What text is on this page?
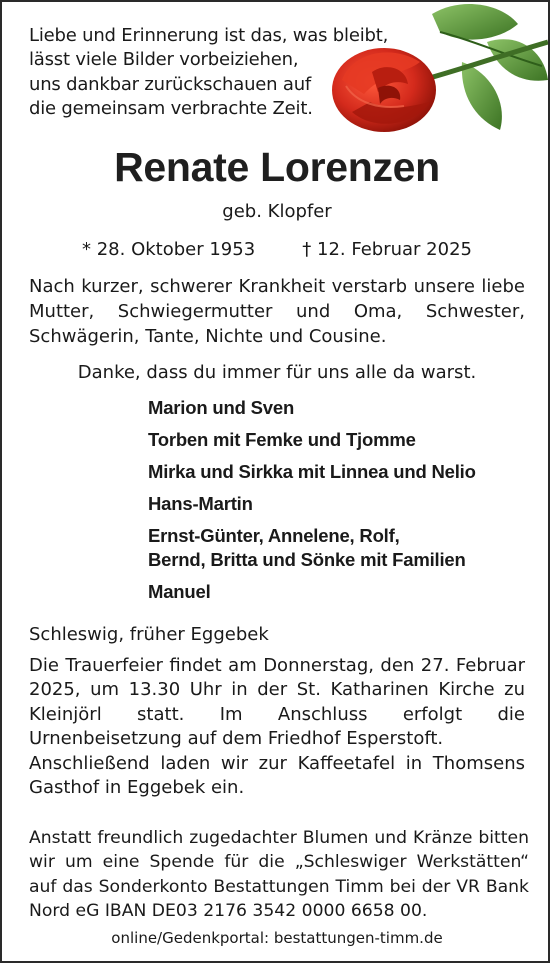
Liebe und Erinnerung ist das, was bleibt,
lässt viele Bilder vorbeiziehen,
uns dankbar zurückschauen auf
die gemeinsam verbrachte Zeit.
Renate Lorenzen
geb. Klopfer
* 28. Oktober 1953	† 12. Februar 2025
Nach kurzer, schwerer Krankheit verstarb unsere liebe Mutter, Schwiegermutter und Oma, Schwester, Schwägerin, Tante, Nichte und Cousine.
Danke, dass du immer für uns alle da warst.
Marion und Sven
Torben mit Femke und Tjomme
Mirka und Sirkka mit Linnea und Nelio
Hans-Martin
Ernst-Günter, Annelene, Rolf,
Bernd, Britta und Sönke mit Familien
Manuel
Schleswig, früher Eggebek
Die Trauerfeier findet am Donnerstag, den 27. Februar 2025, um 13.30 Uhr in der St. Katharinen Kirche zu Kleinjörl statt. Im Anschluss erfolgt die Urnenbeisetzung auf dem Friedhof Esperstoft.
Anschließend laden wir zur Kaffeetafel in Thomsens Gasthof in Eggebek ein.
Anstatt freundlich zugedachter Blumen und Kränze bitten wir um eine Spende für die „Schleswiger Werkstätten“ auf das Sonderkonto Bestattungen Timm bei der VR Bank Nord eG IBAN DE03 2176 3542 0000 6658 00.
online/Gedenkportal: bestattungen-timm.de
